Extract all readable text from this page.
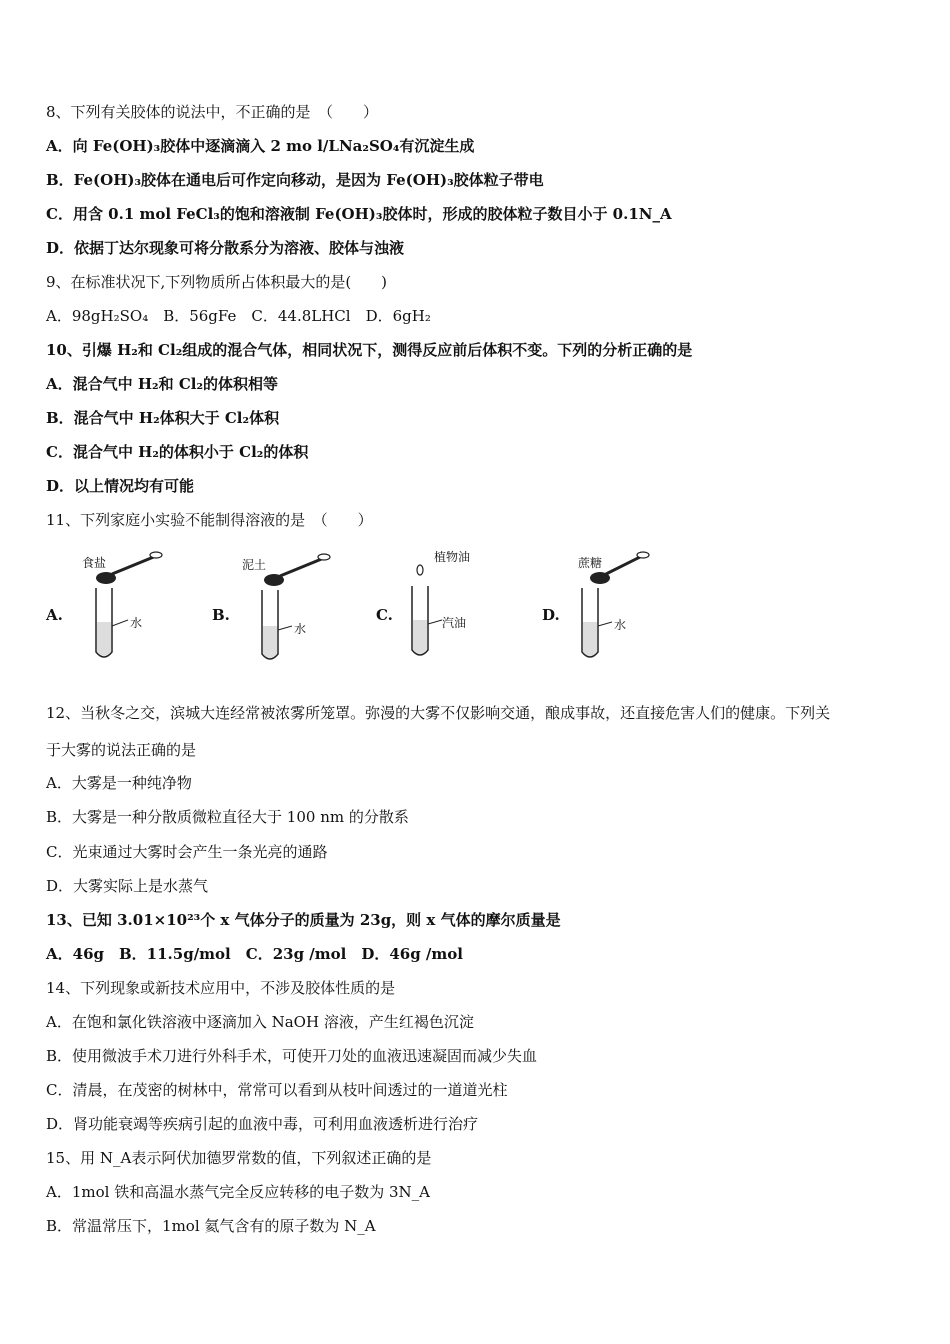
8、下列有关胶体的说法中，不正确的是　（　　）
A．向 Fe(OH)₃胶体中逐滴滴入 2 mo l/LNa₂SO₄有沉淀生成
B．Fe(OH)₃胶体在通电后可作定向移动，是因为 Fe(OH)₃胶体粒子带电
C．用含 0.1 mol FeCl₃的饱和溶液制 Fe(OH)₃胶体时，形成的胶体粒子数目小于 0.1N_A
D．依据丁达尔现象可将分散系分为溶液、胶体与浊液
9、在标准状况下,下列物质所占体积最大的是(　　)
A．98gH₂SO₄　B．56gFe　C．44.8LHCl　D．6gH₂
10、引爆 H₂和 Cl₂组成的混合气体，相同状况下，测得反应前后体积不变。下列的分析正确的是
A．混合气中 H₂和 Cl₂的体积相等
B．混合气中 H₂体积大于 Cl₂体积
C．混合气中 H₂的体积小于 Cl₂的体积
D．以上情况均有可能
11、下列家庭小实验不能制得溶液的是　（　　）
A.
食盐
水	B.
泥土
水
C.
植物油
汽油	D.
蔗糖
水
12、当秋冬之交，滨城大连经常被浓雾所笼罩。弥漫的大雾不仅影响交通，酿成事故，还直接危害人们的健康。下列关
于大雾的说法正确的是
A．大雾是一种纯净物
B．大雾是一种分散质微粒直径大于 100 nm 的分散系
C．光束通过大雾时会产生一条光亮的通路
D．大雾实际上是水蒸气
13、已知 3.01×10²³个 x 气体分子的质量为 23g，则 x 气体的摩尔质量是
A．46g　B．11.5g/mol　C．23g /mol　D．46g /mol
14、下列现象或新技术应用中，不涉及胶体性质的是
A．在饱和氯化铁溶液中逐滴加入 NaOH 溶液，产生红褐色沉淀
B．使用微波手术刀进行外科手术，可使开刀处的血液迅速凝固而减少失血
C．清晨，在茂密的树林中，常常可以看到从枝叶间透过的一道道光柱
D．肾功能衰竭等疾病引起的血液中毒，可利用血液透析进行治疗
15、用 N_A表示阿伏加德罗常数的值，下列叙述正确的是
A．1mol 铁和高温水蒸气完全反应转移的电子数为 3N_A
B．常温常压下，1mol 氦气含有的原子数为 N_A
